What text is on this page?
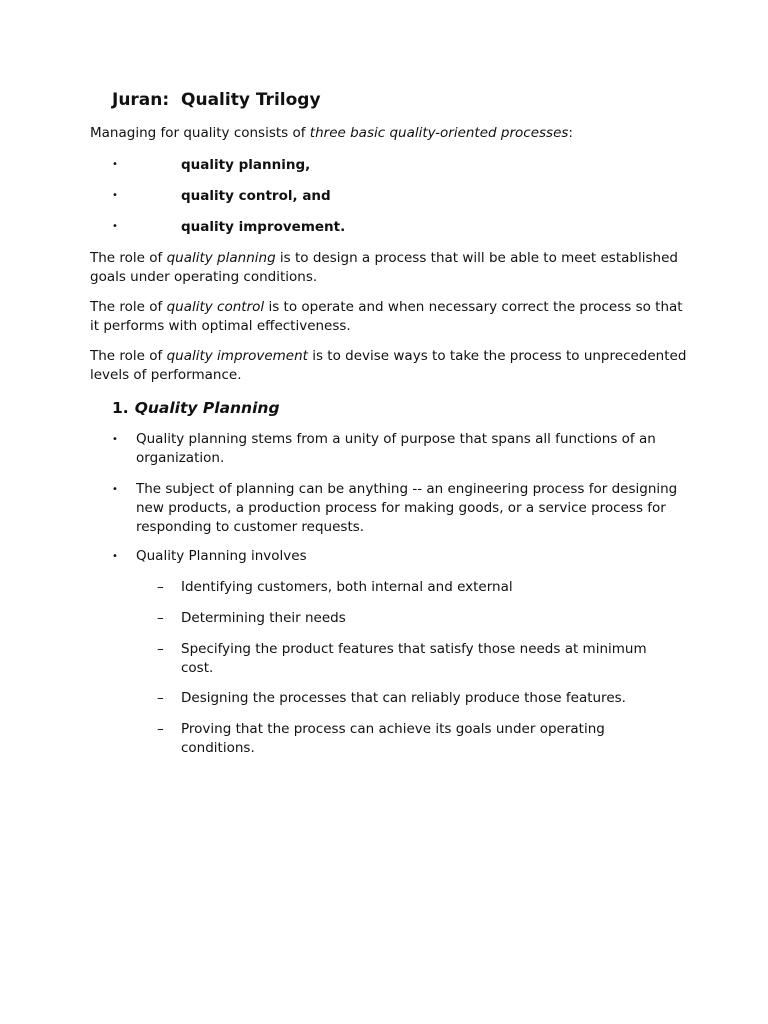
Juran:  Quality Trilogy
Managing for quality consists of three basic quality-oriented processes:
•	quality planning,
•	quality control, and
•	quality improvement.
The role of quality planning is to design a process that will be able to meet established goals under operating conditions.
The role of quality control is to operate and when necessary correct the process so that it performs with optimal effectiveness.
The role of quality improvement is to devise ways to take the process to unprecedented levels of performance.
1. Quality Planning
• Quality planning stems from a unity of purpose that spans all functions of an organization.
• The subject of planning can be anything -- an engineering process for designing new products, a production process for making goods, or a service process for responding to customer requests.
• Quality Planning involves
– Identifying customers, both internal and external
– Determining their needs
– Specifying the product features that satisfy those needs at minimum cost.
– Designing the processes that can reliably produce those features.
– Proving that the process can achieve its goals under operating conditions.
